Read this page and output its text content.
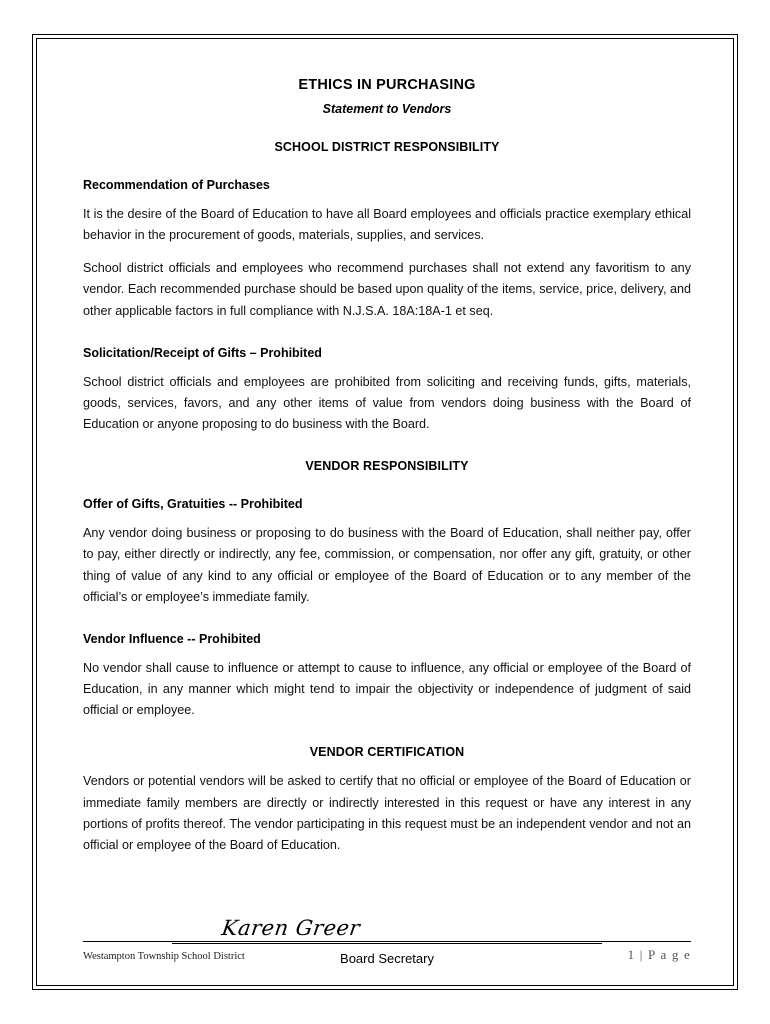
ETHICS IN PURCHASING
Statement to Vendors
SCHOOL DISTRICT RESPONSIBILITY
Recommendation of Purchases

It is the desire of the Board of Education to have all Board employees and officials practice exemplary ethical behavior in the procurement of goods, materials, supplies, and services.

School district officials and employees who recommend purchases shall not extend any favoritism to any vendor. Each recommended purchase should be based upon quality of the items, service, price, delivery, and other applicable factors in full compliance with N.J.S.A. 18A:18A-1 et seq.

Solicitation/Receipt of Gifts – Prohibited

School district officials and employees are prohibited from soliciting and receiving funds, gifts, materials, goods, services, favors, and any other items of value from vendors doing business with the Board of Education or anyone proposing to do business with the Board.

VENDOR RESPONSIBILITY
Offer of Gifts, Gratuities -- Prohibited

Any vendor doing business or proposing to do business with the Board of Education, shall neither pay, offer to pay, either directly or indirectly, any fee, commission, or compensation, nor offer any gift, gratuity, or other thing of value of any kind to any official or employee of the Board of Education or to any member of the official’s or employee’s immediate family.

Vendor Influence -- Prohibited

No vendor shall cause to influence or attempt to cause to influence, any official or employee of the Board of Education, in any manner which might tend to impair the objectivity or independence of judgment of said official or employee.

VENDOR CERTIFICATION

Vendors or potential vendors will be asked to certify that no official or employee of the Board of Education or immediate family members are directly or indirectly interested in this request or have any interest in any portions of profits thereof. The vendor participating in this request must be an independent vendor and not an official or employee of the Board of Education.

Karen Greer
Board Secretary
Westampton Township School District	1 | P a g e
